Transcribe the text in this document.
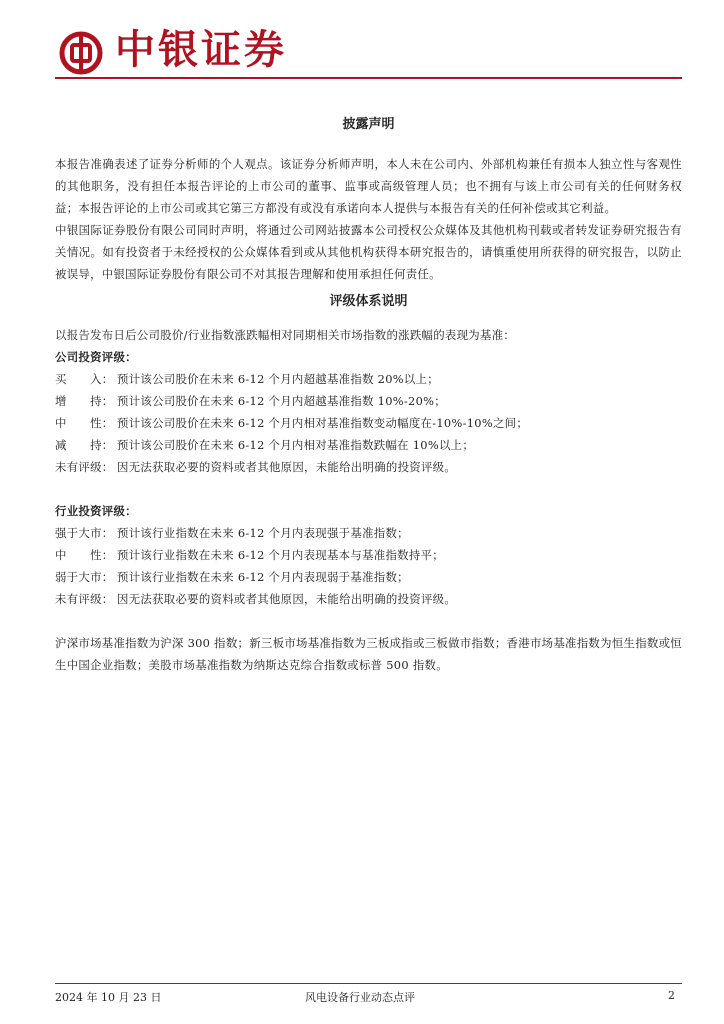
中银证券
披露声明
本报告准确表述了证券分析师的个人观点。该证券分析师声明，本人未在公司内、外部机构兼任有损本人独立性与客观性的其他职务，没有担任本报告评论的上市公司的董事、监事或高级管理人员；也不拥有与该上市公司有关的任何财务权益；本报告评论的上市公司或其它第三方都没有或没有承诺向本人提供与本报告有关的任何补偿或其它利益。
中银国际证券股份有限公司同时声明，将通过公司网站披露本公司授权公众媒体及其他机构刊载或者转发证券研究报告有关情况。如有投资者于未经授权的公众媒体看到或从其他机构获得本研究报告的，请慎重使用所获得的研究报告，以防止被误导，中银国际证券股份有限公司不对其报告理解和使用承担任何责任。
评级体系说明
以报告发布日后公司股价/行业指数涨跌幅相对同期相关市场指数的涨跌幅的表现为基准：
公司投资评级：
买　　入： 预计该公司股价在未来 6-12 个月内超越基准指数 20%以上；
增　　持： 预计该公司股价在未来 6-12 个月内超越基准指数 10%-20%；
中　　性： 预计该公司股价在未来 6-12 个月内相对基准指数变动幅度在-10%-10%之间；
减　　持： 预计该公司股价在未来 6-12 个月内相对基准指数跌幅在 10%以上；
未有评级： 因无法获取必要的资料或者其他原因，未能给出明确的投资评级。
行业投资评级：
强于大市： 预计该行业指数在未来 6-12 个月内表现强于基准指数；
中　　性： 预计该行业指数在未来 6-12 个月内表现基本与基准指数持平；
弱于大市： 预计该行业指数在未来 6-12 个月内表现弱于基准指数；
未有评级： 因无法获取必要的资料或者其他原因，未能给出明确的投资评级。
沪深市场基准指数为沪深 300 指数；新三板市场基准指数为三板成指或三板做市指数；香港市场基准指数为恒生指数或恒生中国企业指数；美股市场基准指数为纳斯达克综合指数或标普 500 指数。
2024 年 10 月 23 日	风电设备行业动态点评	2
